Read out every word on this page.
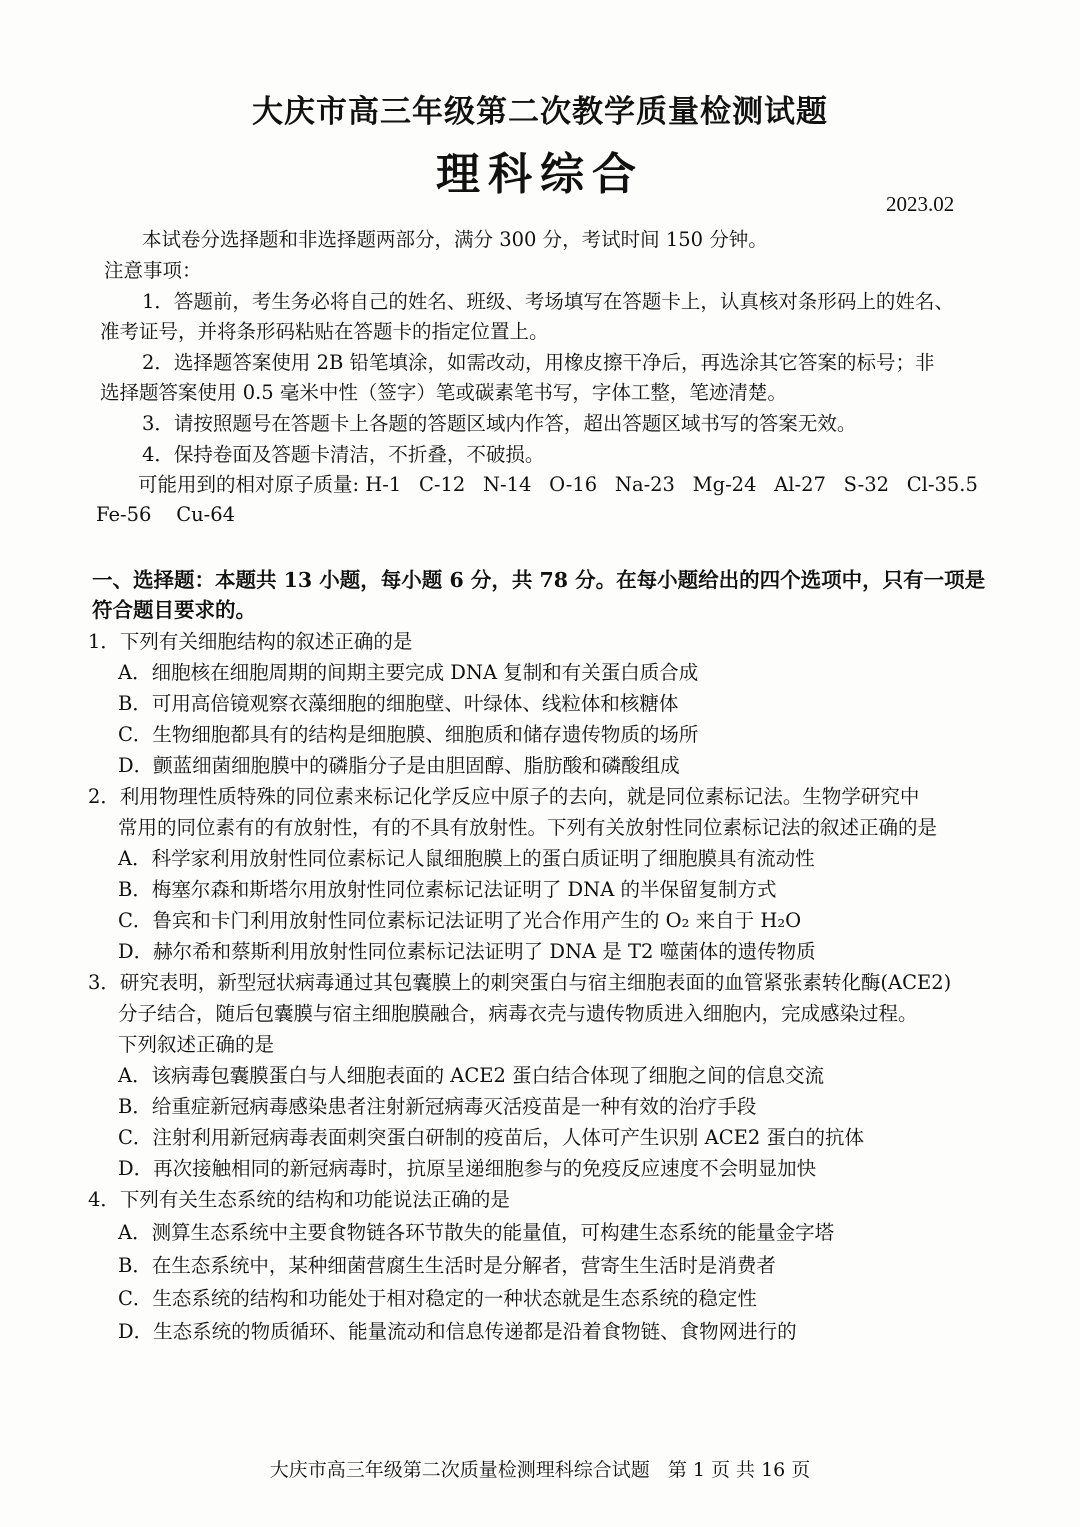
大庆市高三年级第二次教学质量检测试题
理科综合
2023.02
本试卷分选择题和非选择题两部分，满分 300 分，考试时间 150 分钟。
注意事项：
1．答题前，考生务必将自己的姓名、班级、考场填写在答题卡上，认真核对条形码上的姓名、
准考证号，并将条形码粘贴在答题卡的指定位置上。
2．选择题答案使用 2B 铅笔填涂，如需改动，用橡皮擦干净后，再选涂其它答案的标号；非
选择题答案使用 0.5 毫米中性（签字）笔或碳素笔书写，字体工整，笔迹清楚。
3．请按照题号在答题卡上各题的答题区域内作答，超出答题区域书写的答案无效。
4．保持卷面及答题卡清洁，不折叠，不破损。
可能用到的相对原子质量: H-1 C-12 N-14 O-16 Na-23 Mg-24 Al-27 S-32 Cl-35.5
Fe-56    Cu-64
一、选择题：本题共 13 小题，每小题 6 分，共 78 分。在每小题给出的四个选项中，只有一项是
符合题目要求的。
1．下列有关细胞结构的叙述正确的是
A．细胞核在细胞周期的间期主要完成 DNA 复制和有关蛋白质合成
B．可用高倍镜观察衣藻细胞的细胞壁、叶绿体、线粒体和核糖体
C．生物细胞都具有的结构是细胞膜、细胞质和储存遗传物质的场所
D．颤蓝细菌细胞膜中的磷脂分子是由胆固醇、脂肪酸和磷酸组成
2．利用物理性质特殊的同位素来标记化学反应中原子的去向，就是同位素标记法。生物学研究中
常用的同位素有的有放射性，有的不具有放射性。下列有关放射性同位素标记法的叙述正确的是
A．科学家利用放射性同位素标记人鼠细胞膜上的蛋白质证明了细胞膜具有流动性
B．梅塞尔森和斯塔尔用放射性同位素标记法证明了 DNA 的半保留复制方式
C．鲁宾和卡门利用放射性同位素标记法证明了光合作用产生的 O₂ 来自于 H₂O
D．赫尔希和蔡斯利用放射性同位素标记法证明了 DNA 是 T2 噬菌体的遗传物质
3．研究表明，新型冠状病毒通过其包囊膜上的刺突蛋白与宿主细胞表面的血管紧张素转化酶(ACE2)
分子结合，随后包囊膜与宿主细胞膜融合，病毒衣壳与遗传物质进入细胞内，完成感染过程。
下列叙述正确的是
A．该病毒包囊膜蛋白与人细胞表面的 ACE2 蛋白结合体现了细胞之间的信息交流
B．给重症新冠病毒感染患者注射新冠病毒灭活疫苗是一种有效的治疗手段
C．注射利用新冠病毒表面刺突蛋白研制的疫苗后，人体可产生识别 ACE2 蛋白的抗体
D．再次接触相同的新冠病毒时，抗原呈递细胞参与的免疫反应速度不会明显加快
4．下列有关生态系统的结构和功能说法正确的是
A．测算生态系统中主要食物链各环节散失的能量值，可构建生态系统的能量金字塔
B．在生态系统中，某种细菌营腐生生活时是分解者，营寄生生活时是消费者
C．生态系统的结构和功能处于相对稳定的一种状态就是生态系统的稳定性
D．生态系统的物质循环、能量流动和信息传递都是沿着食物链、食物网进行的
大庆市高三年级第二次质量检测理科综合试题   第 1 页 共 16 页
